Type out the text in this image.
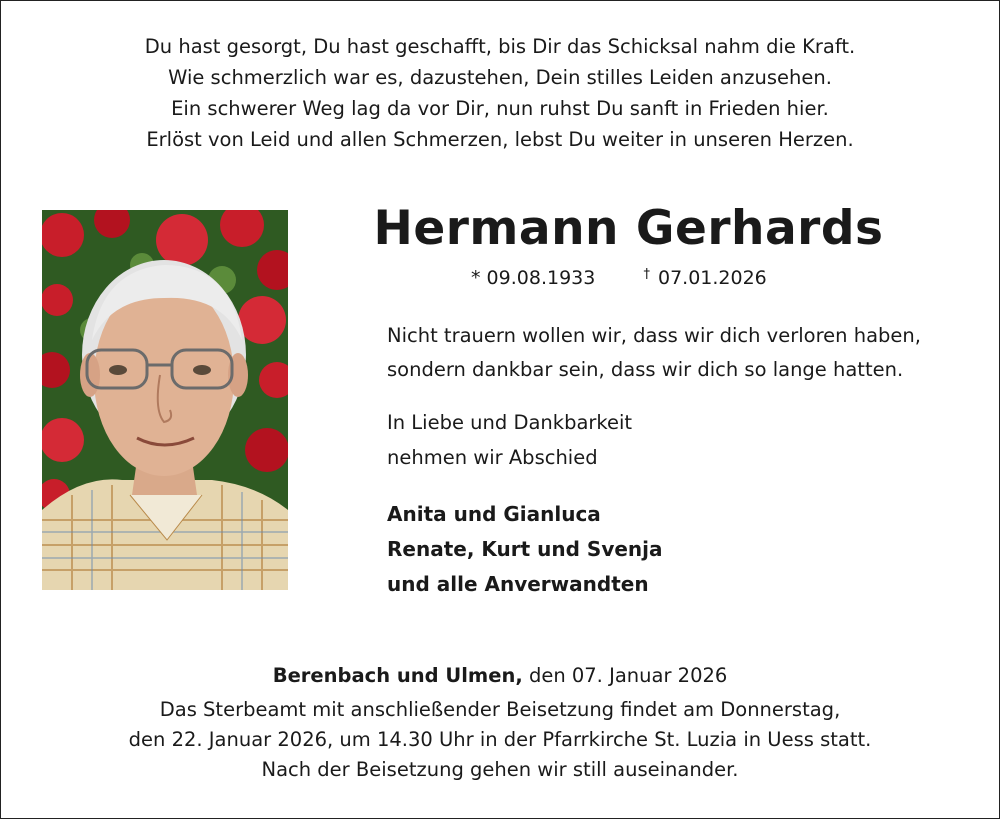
Du hast gesorgt, Du hast geschafft, bis Dir das Schicksal nahm die Kraft.
Wie schmerzlich war es, dazustehen, Dein stilles Leiden anzusehen.
Ein schwerer Weg lag da vor Dir, nun ruhst Du sanft in Frieden hier.
Erlöst von Leid und allen Schmerzen, lebst Du weiter in unseren Herzen.
Hermann Gerhards
* 09.08.1933	† 07.01.2026
Nicht trauern wollen wir, dass wir dich verloren haben,
sondern dankbar sein, dass wir dich so lange hatten.
In Liebe und Dankbarkeit
nehmen wir Abschied
Anita und Gianluca
Renate, Kurt und Svenja
und alle Anverwandten
Berenbach und Ulmen, den 07. Januar 2026
Das Sterbeamt mit anschließender Beisetzung findet am Donnerstag,
den 22. Januar 2026, um 14.30 Uhr in der Pfarrkirche St. Luzia in Uess statt.
Nach der Beisetzung gehen wir still auseinander.
